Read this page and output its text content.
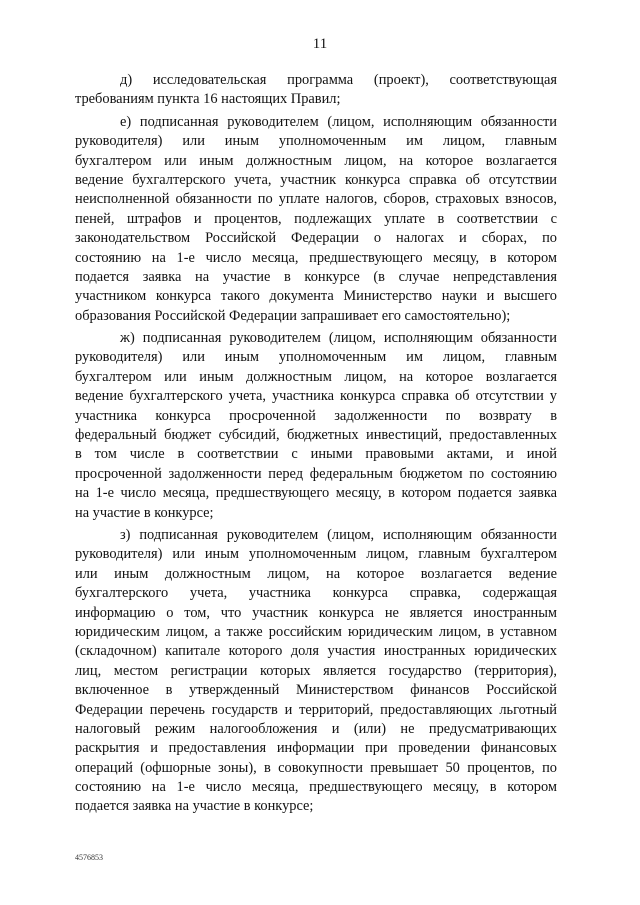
11
д) исследовательская программа (проект), соответствующая
требованиям пункта 16 настоящих Правил;
е) подписанная руководителем (лицом, исполняющим обязанности
руководителя) или иным уполномоченным им лицом, главным
бухгалтером или иным должностным лицом, на которое возлагается
ведение бухгалтерского учета, участник конкурса справка об отсутствии
неисполненной обязанности по уплате налогов, сборов, страховых взносов,
пеней, штрафов и процентов, подлежащих уплате в соответствии с
законодательством Российской Федерации о налогах и сборах, по
состоянию на 1-е число месяца, предшествующего месяцу, в котором
подается заявка на участие в конкурсе (в случае непредставления
участником конкурса такого документа Министерство науки и высшего
образования Российской Федерации запрашивает его самостоятельно);
ж) подписанная руководителем (лицом, исполняющим обязанности
руководителя) или иным уполномоченным им лицом, главным
бухгалтером или иным должностным лицом, на которое возлагается
ведение бухгалтерского учета, участника конкурса справка об отсутствии у
участника конкурса просроченной задолженности по возврату в
федеральный бюджет субсидий, бюджетных инвестиций, предоставленных
в том числе в соответствии с иными правовыми актами, и иной
просроченной задолженности перед федеральным бюджетом по состоянию
на 1-е число месяца, предшествующего месяцу, в котором подается заявка
на участие в конкурсе;
з) подписанная руководителем (лицом, исполняющим обязанности
руководителя) или иным уполномоченным лицом, главным бухгалтером
или иным должностным лицом, на которое возлагается ведение
бухгалтерского учета, участника конкурса справка, содержащая
информацию о том, что участник конкурса не является иностранным
юридическим лицом, а также российским юридическим лицом, в уставном
(складочном) капитале которого доля участия иностранных юридических
лиц, местом регистрации которых является государство (территория),
включенное в утвержденный Министерством финансов Российской
Федерации перечень государств и территорий, предоставляющих льготный
налоговый режим налогообложения и (или) не предусматривающих
раскрытия и предоставления информации при проведении финансовых
операций (офшорные зоны), в совокупности превышает 50 процентов, по
состоянию на 1-е число месяца, предшествующего месяцу, в котором
подается заявка на участие в конкурсе;
4576853
